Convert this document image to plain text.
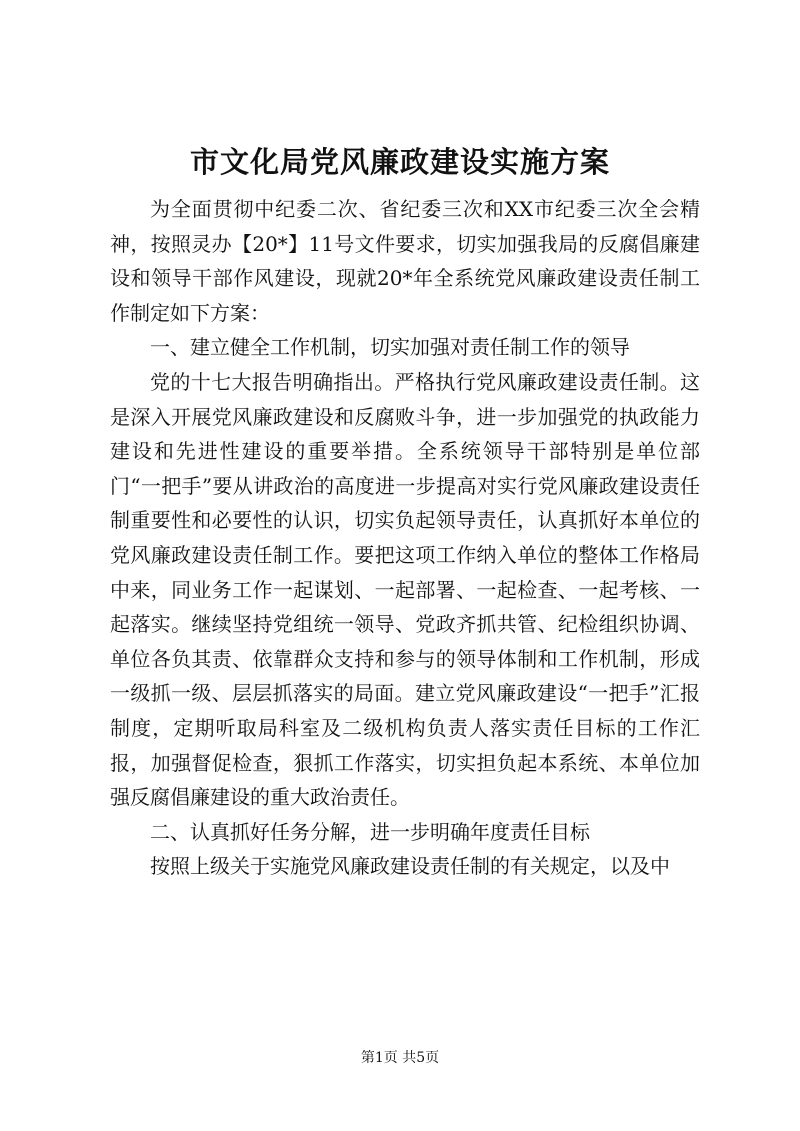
市文化局党风廉政建设实施方案

为全面贯彻中纪委二次、省纪委三次和XX市纪委三次全会精神，按照灵办【20*】11号文件要求，切实加强我局的反腐倡廉建设和领导干部作风建设，现就20*年全系统党风廉政建设责任制工作制定如下方案：

一、建立健全工作机制，切实加强对责任制工作的领导

党的十七大报告明确指出。严格执行党风廉政建设责任制。这是深入开展党风廉政建设和反腐败斗争，进一步加强党的执政能力建设和先进性建设的重要举措。全系统领导干部特别是单位部门“一把手”要从讲政治的高度进一步提高对实行党风廉政建设责任制重要性和必要性的认识，切实负起领导责任，认真抓好本单位的党风廉政建设责任制工作。要把这项工作纳入单位的整体工作格局中来，同业务工作一起谋划、一起部署、一起检查、一起考核、一起落实。继续坚持党组统一领导、党政齐抓共管、纪检组织协调、单位各负其责、依靠群众支持和参与的领导体制和工作机制，形成一级抓一级、层层抓落实的局面。建立党风廉政建设“一把手”汇报制度，定期听取局科室及二级机构负责人落实责任目标的工作汇报，加强督促检查，狠抓工作落实，切实担负起本系统、本单位加强反腐倡廉建设的重大政治责任。

二、认真抓好任务分解，进一步明确年度责任目标

按照上级关于实施党风廉政建设责任制的有关规定，以及中

第1页 共5页
